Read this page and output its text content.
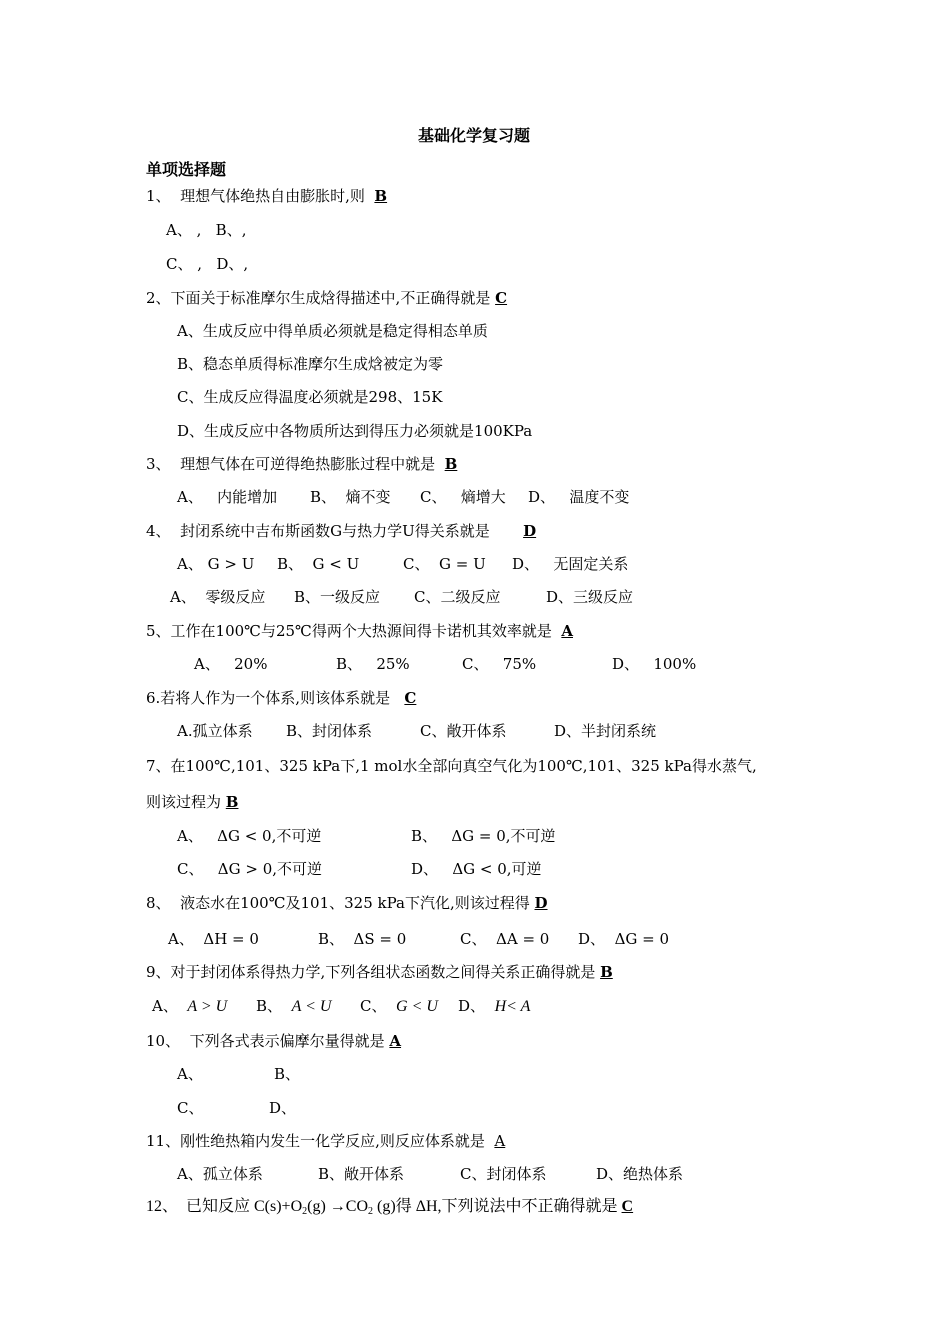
基础化学复习题
单项选择题
1、  理想气体绝热自由膨胀时,则  B
A、 ,   B、,
C、 ,   D、,
2、下面关于标准摩尔生成焓得描述中,不正确得就是 C
A、生成反应中得单质必须就是稳定得相态单质
B、稳态单质得标准摩尔生成焓被定为零
C、生成反应得温度必须就是298、15K
D、生成反应中各物质所达到得压力必须就是100KPa
3、  理想气体在可逆得绝热膨胀过程中就是  B
A、   内能增加 B、  熵不变 C、   熵增大 D、   温度不变
4、  封闭系统中吉布斯函数G与热力学U得关系就是       D
A、 G > U B、  G < U	C、  G = U D、   无固定关系
A、  零级反应 B、一级反应 C、二级反应	D、三级反应
5、工作在100℃与25℃得两个大热源间得卡诺机其效率就是  A
A、   20%	B、   25%	C、   75%	D、   100%
6.若将人作为一个体系,则该体系就是   C
A.孤立体系 B、封闭体系	C、敞开体系	D、半封闭系统
7、在100℃,101、325 kPa下,1 mol水全部向真空气化为100℃,101、325 kPa得水蒸气,
则该过程为 B
A、   ΔG < 0,不可逆	B、   ΔG = 0,不可逆
C、   ΔG > 0,不可逆	D、   ΔG < 0,可逆
8、  液态水在100℃及101、325 kPa下汽化,则该过程得 D
A、  ΔH = 0	B、  ΔS = 0	C、  ΔA = 0 D、  ΔG = 0
9、对于封闭体系得热力学,下列各组状态函数之间得关系正确得就是 B
A、 A > U B、 A < U C、 G < U D、 H< A
10、  下列各式表示偏摩尔量得就是 A
A、	B、
C、	D、
11、刚性绝热箱内发生一化学反应,则反应体系就是  A
A、孤立体系	B、敞开体系	C、封闭体系	D、绝热体系
12、  已知反应 $C(s)+O_2(g) \to CO_2$ (g)得 ΔH,下列说法中不正确得就是 C
